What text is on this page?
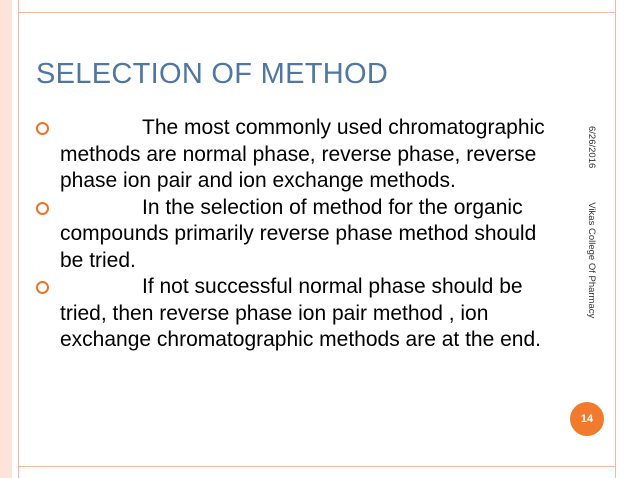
SELECTION OF METHOD
The most commonly used chromatographic methods are normal phase, reverse phase, reverse phase ion pair and ion exchange methods.
In the selection of method for the organic compounds primarily reverse phase method should be tried.
If not successful normal phase should be tried, then reverse phase ion pair method , ion exchange chromatographic methods are at the end.
6/26/2016
Vikas College Of Pharmacy
14
